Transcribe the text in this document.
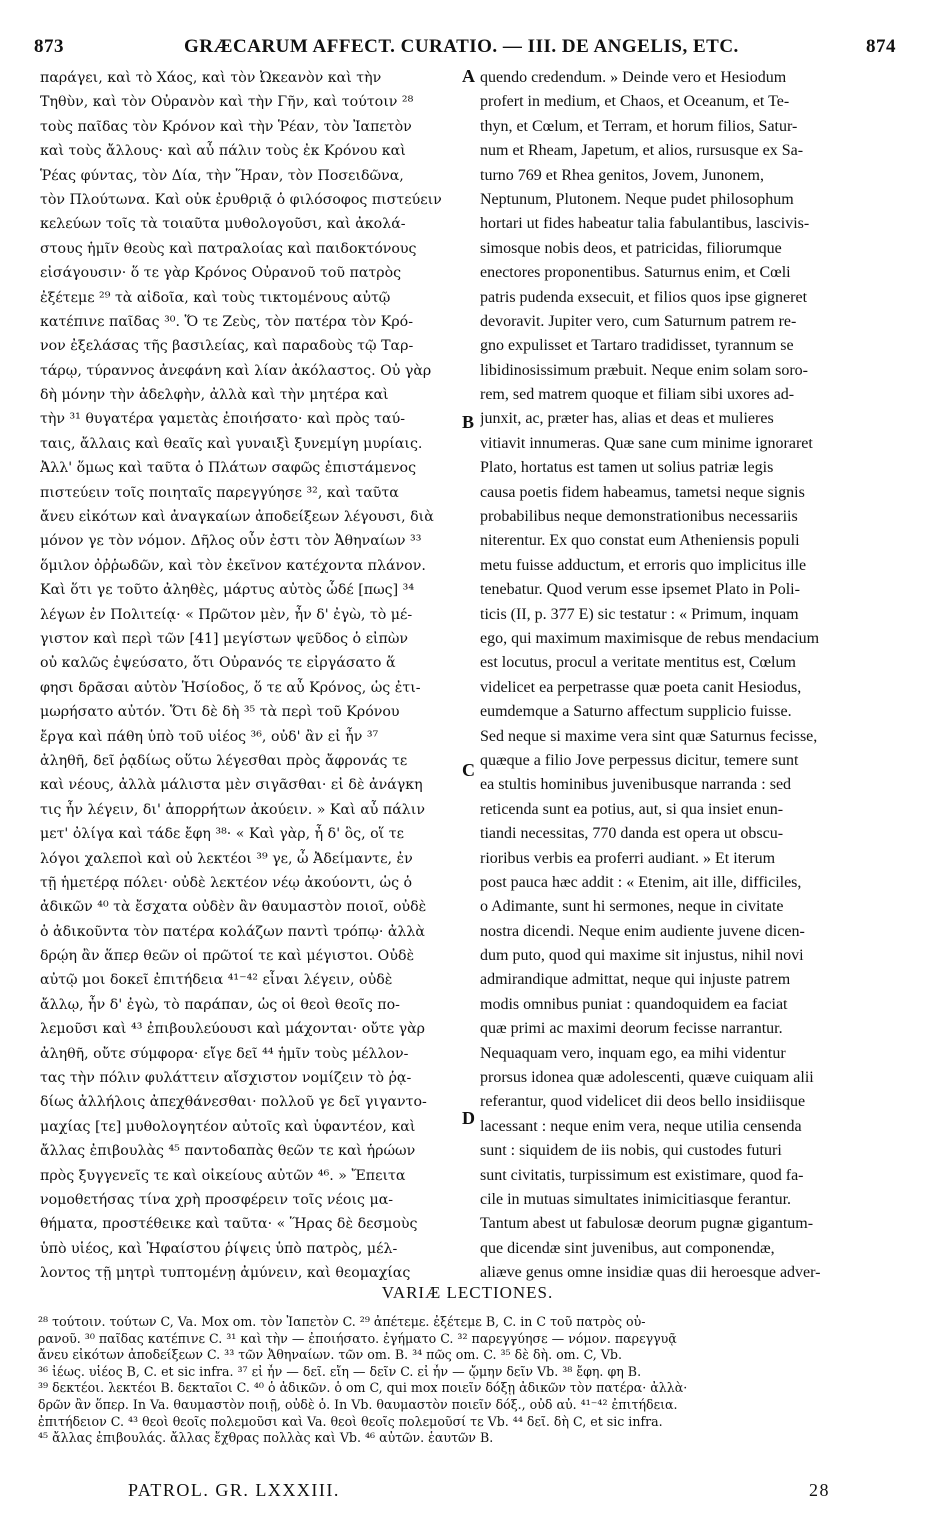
873	GRÆCARUM AFFECT. CURATIO. — III. DE ANGELIS, ETC.	874
παράγει, καὶ τὸ Χάος, καὶ τὸν Ὠκεανὸν καὶ τὴν
Τηθὺν, καὶ τὸν Οὐρανὸν καὶ τὴν Γῆν, καὶ τούτοιν ²⁸
τοὺς παῖδας τὸν Κρόνον καὶ τὴν Ῥέαν, τὸν Ἰαπετὸν
καὶ τοὺς ἄλλους· καὶ αὖ πάλιν τοὺς ἐκ Κρόνου καὶ
Ῥέας φύντας, τὸν Δία, τὴν Ἥραν, τὸν Ποσειδῶνα,
τὸν Πλούτωνα. Καὶ οὐκ ἐρυθριᾷ ὁ φιλόσοφος πιστεύειν
κελεύων τοῖς τὰ τοιαῦτα μυθολογοῦσι, καὶ ἀκολά-
στους ἡμῖν θεοὺς καὶ πατραλοίας καὶ παιδοκτόνους
εἰσάγουσιν· ὅ τε γὰρ Κρόνος Οὐρανοῦ τοῦ πατρὸς
ἐξέτεμε ²⁹ τὰ αἰδοῖα, καὶ τοὺς τικτομένους αὐτῷ
κατέπινε παῖδας ³⁰. Ὅ τε Ζεὺς, τὸν πατέρα τὸν Κρό-
νον ἐξελάσας τῆς βασιλείας, καὶ παραδοὺς τῷ Ταρ-
τάρῳ, τύραννος ἀνεφάνη καὶ λίαν ἀκόλαστος. Οὐ γὰρ
δὴ μόνην τὴν ἀδελφὴν, ἀλλὰ καὶ τὴν μητέρα καὶ
τὴν ³¹ θυγατέρα γαμετὰς ἐποιήσατο· καὶ πρὸς ταύ-
ταις, ἄλλαις καὶ θεαῖς καὶ γυναιξὶ ξυνεμίγη μυρίαις.
Ἀλλ' ὅμως καὶ ταῦτα ὁ Πλάτων σαφῶς ἐπιστάμενος
πιστεύειν τοῖς ποιηταῖς παρεγγύησε ³², καὶ ταῦτα
ἄνευ εἰκότων καὶ ἀναγκαίων ἀποδείξεων λέγουσι, διὰ
μόνον γε τὸν νόμον. Δῆλος οὖν ἐστι τὸν Ἀθηναίων ³³
ὅμιλον ὀῤῥωδῶν, καὶ τὸν ἐκεῖνον κατέχοντα πλάνον.
Καὶ ὅτι γε τοῦτο ἀληθὲς, μάρτυς αὐτὸς ὧδέ [πως] ³⁴
λέγων ἐν Πολιτείᾳ· « Πρῶτον μὲν, ἦν δ' ἐγὼ, τὸ μέ-
γιστον καὶ περὶ τῶν [41] μεγίστων ψεῦδος ὁ εἰπὼν
οὐ καλῶς ἐψεύσατο, ὅτι Οὐρανός τε εἰργάσατο ἅ
φησι δρᾶσαι αὐτὸν Ἡσίοδος, ὅ τε αὖ Κρόνος, ὡς ἐτι-
μωρήσατο αὐτόν. Ὅτι δὲ δὴ ³⁵ τὰ περὶ τοῦ Κρόνου
ἔργα καὶ πάθη ὑπὸ τοῦ υἱέος ³⁶, οὐδ' ἂν εἰ ἦν ³⁷
ἀληθῆ, δεῖ ῥᾳδίως οὕτω λέγεσθαι πρὸς ἄφρονάς τε
καὶ νέους, ἀλλὰ μάλιστα μὲν σιγᾶσθαι· εἰ δὲ ἀνάγκη
τις ἦν λέγειν, δι' ἀπορρήτων ἀκούειν. » Καὶ αὖ πάλιν
μετ' ὀλίγα καὶ τάδε ἔφη ³⁸· « Καὶ γὰρ, ἦ δ' ὃς, οἵ τε
λόγοι χαλεποὶ καὶ οὐ λεκτέοι ³⁹ γε, ὦ Ἀδείμαντε, ἐν
τῇ ἡμετέρᾳ πόλει· οὐδὲ λεκτέον νέῳ ἀκούοντι, ὡς ὁ
ἀδικῶν ⁴⁰ τὰ ἔσχατα οὐδὲν ἂν θαυμαστὸν ποιοῖ, οὐδὲ
ὁ ἀδικοῦντα τὸν πατέρα κολάζων παντὶ τρόπῳ· ἀλλὰ
δρῴη ἂν ἅπερ θεῶν οἱ πρῶτοί τε καὶ μέγιστοι. Οὐδὲ
αὐτῷ μοι δοκεῖ ἐπιτήδεια ⁴¹⁻⁴² εἶναι λέγειν, οὐδὲ
ἄλλῳ, ἦν δ' ἐγὼ, τὸ παράπαν, ὡς οἱ θεοὶ θεοῖς πο-
λεμοῦσι καὶ ⁴³ ἐπιβουλεύουσι καὶ μάχονται· οὔτε γὰρ
ἀληθῆ, οὔτε σύμφορα· εἴγε δεῖ ⁴⁴ ἡμῖν τοὺς μέλλον-
τας τὴν πόλιν φυλάττειν αἴσχιστον νομίζειν τὸ ῥᾳ-
δίως ἀλλήλοις ἀπεχθάνεσθαι· πολλοῦ γε δεῖ γιγαντο-
μαχίας [τε] μυθολογητέον αὐτοῖς καὶ ὑφαντέον, καὶ
ἄλλας ἐπιβουλὰς ⁴⁵ παντοδαπὰς θεῶν τε καὶ ἡρώων
πρὸς ξυγγενεῖς τε καὶ οἰκείους αὐτῶν ⁴⁶. » Ἔπειτα
νομοθετήσας τίνα χρὴ προσφέρειν τοῖς νέοις μα-
θήματα, προστέθεικε καὶ ταῦτα· « Ἥρας δὲ δεσμοὺς
ὑπὸ υἱέος, καὶ Ἡφαίστου ῥίψεις ὑπὸ πατρὸς, μέλ-
λοντος τῇ μητρὶ τυπτομένῃ ἀμύνειν, καὶ θεομαχίας
quendo credendum. » Deinde vero et Hesiodum
profert in medium, et Chaos, et Oceanum, et Te-
thyn, et Cœlum, et Terram, et horum filios, Satur-
num et Rheam, Japetum, et alios, rursusque ex Sa-
turno 769 et Rhea genitos, Jovem, Junonem,
Neptunum, Plutonem. Neque pudet philosophum
hortari ut fides habeatur talia fabulantibus, lascivis-
simosque nobis deos, et patricidas, filiorumque
enectores proponentibus. Saturnus enim, et Cœli
patris pudenda exsecuit, et filios quos ipse gigneret
devoravit. Jupiter vero, cum Saturnum patrem re-
gno expulisset et Tartaro tradidisset, tyrannum se
libidinosissimum præbuit. Neque enim solam soro-
rem, sed matrem quoque et filiam sibi uxores ad-
junxit, ac, præter has, alias et deas et mulieres
vitiavit innumeras. Quæ sane cum minime ignoraret
Plato, hortatus est tamen ut solius patriæ legis
causa poetis fidem habeamus, tametsi neque signis
probabilibus neque demonstrationibus necessariis
niterentur. Ex quo constat eum Atheniensis populi
metu fuisse adductum, et erroris quo implicitus ille
tenebatur. Quod verum esse ipsemet Plato in Poli-
ticis (II, p. 377 E) sic testatur : « Primum, inquam
ego, qui maximum maximisque de rebus mendacium
est locutus, procul a veritate mentitus est, Cœlum
videlicet ea perpetrasse quæ poeta canit Hesiodus,
eumdemque a Saturno affectum supplicio fuisse.
Sed neque si maxime vera sint quæ Saturnus fecisse,
quæque a filio Jove perpessus dicitur, temere sunt
ea stultis hominibus juvenibusque narranda : sed
reticenda sunt ea potius, aut, si qua insiet enun-
tiandi necessitas, 770 danda est opera ut obscu-
rioribus verbis ea proferri audiant. » Et iterum
post pauca hæc addit : « Etenim, ait ille, difficiles,
o Adimante, sunt hi sermones, neque in civitate
nostra dicendi. Neque enim audiente juvene dicen-
dum puto, quod qui maxime sit injustus, nihil novi
admirandique admittat, neque qui injuste patrem
modis omnibus puniat : quandoquidem ea faciat
quæ primi ac maximi deorum fecisse narrantur.
Nequaquam vero, inquam ego, ea mihi videntur
prorsus idonea quæ adolescenti, quæve cuiquam alii
referantur, quod videlicet dii deos bello insidiisque
lacessant : neque enim vera, neque utilia censenda
sunt : siquidem de iis nobis, qui custodes futuri
sunt civitatis, turpissimum est existimare, quod fa-
cile in mutuas simultates inimicitiasque ferantur.
Tantum abest ut fabulosæ deorum pugnæ gigantum-
que dicendæ sint juvenibus, aut componendæ,
aliæve genus omne insidiæ quas dii heroesque adver-
A
B
C
D
VARIÆ LECTIONES.
²⁸ τούτοιν. τούτων C, Va. Mox om. τὸν Ἰαπετὸν C. ²⁹ ἀπέτεμε. ἐξέτεμε B, C. in C τοῦ πατρὸς οὐ-
ρανοῦ. ³⁰ παῖδας κατέπινε C. ³¹ καὶ τὴν — ἐποιήσατο. ἐγήματο C. ³² παρεγγύησε — νόμον. παρεγγυᾷ
ἄνευ εἰκότων ἀποδείξεων C. ³³ τῶν Ἀθηναίων. τῶν om. B. ³⁴ πῶς om. C. ³⁵ δὲ δὴ. om. C, Vb.
³⁶ ἰέως. υἱέος B, C. et sic infra. ³⁷ εἰ ἦν — δεῖ. εἴη — δεῖν C. εἰ ἦν — ᾤμην δεῖν Vb. ³⁸ ἔφη. φη B.
³⁹ δεκτέοι. λεκτέοι B. δεκταῖοι C. ⁴⁰ ὁ ἀδικῶν. ὁ om C, qui mox ποιεῖν δόξῃ ἀδικῶν τὸν πατέρα· ἀλλὰ·
δρῶν ἂν ὅπερ. In Va. θαυμαστὸν ποιῇ, οὐδὲ ὁ. In Vb. θαυμαστὸν ποιεῖν δόξ., οὐδ αὐ. ⁴¹⁻⁴² ἐπιτήδεια.
ἐπιτήδειον C. ⁴³ θεοὶ θεοῖς πολεμοῦσι καὶ Va. θεοὶ θεοῖς πολεμοῦσί τε Vb. ⁴⁴ δεῖ. δὴ C, et sic infra.
⁴⁵ ἄλλας ἐπιβουλάς. ἄλλας ἔχθρας πολλὰς καὶ Vb. ⁴⁶ αὐτῶν. ἑαυτῶν B.
PATROL. GR. LXXXIII.	28
